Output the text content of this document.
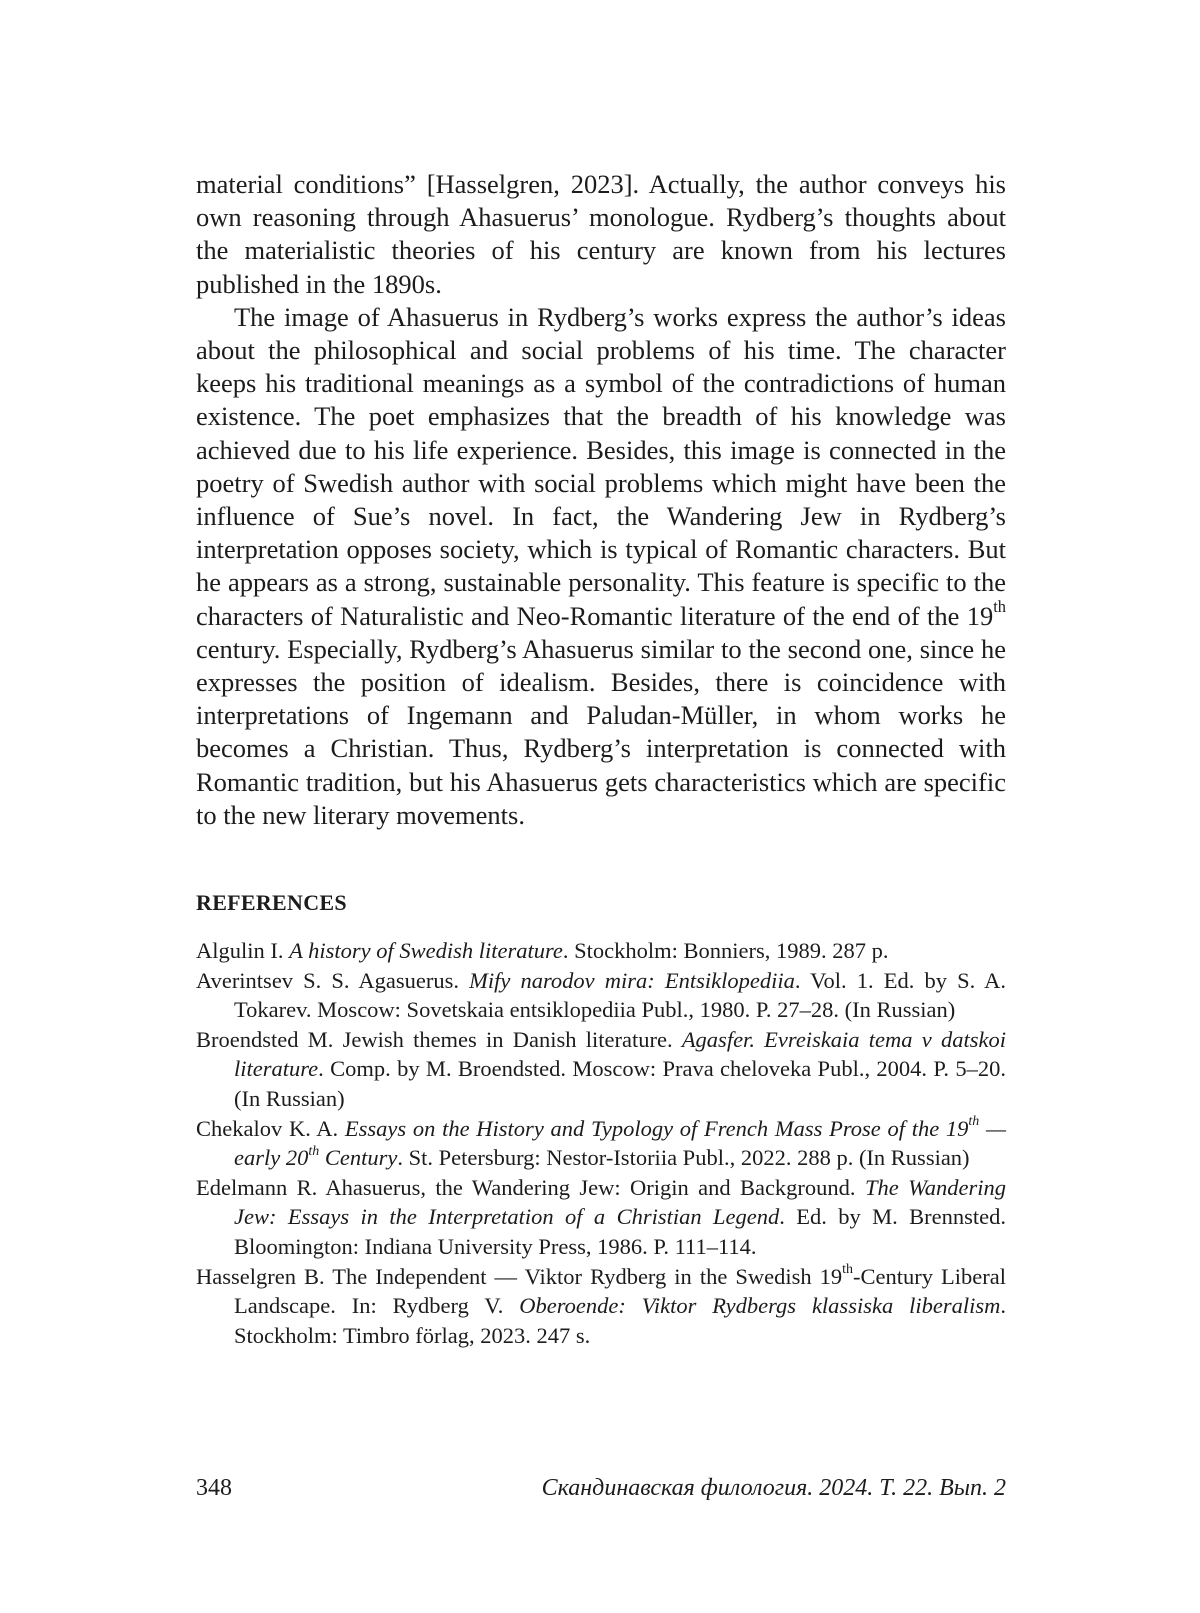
material conditions” [Hasselgren, 2023]. Actually, the author conveys his own reasoning through Ahasuerus’ monologue. Rydberg’s thoughts about the materialistic theories of his century are known from his lectures published in the 1890s.

The image of Ahasuerus in Rydberg’s works express the author’s ideas about the philosophical and social problems of his time. The character keeps his traditional meanings as a symbol of the contradictions of human existence. The poet emphasizes that the breadth of his knowledge was achieved due to his life experience. Besides, this image is connected in the poetry of Swedish author with social problems which might have been the influence of Sue’s novel. In fact, the Wandering Jew in Rydberg’s interpretation opposes society, which is typical of Romantic characters. But he appears as a strong, sustainable personality. This feature is specific to the characters of Naturalistic and Neo-Romantic literature of the end of the 19th century. Especially, Rydberg’s Ahasuerus similar to the second one, since he expresses the position of idealism. Besides, there is coincidence with interpretations of Ingemann and Paludan-Müller, in whom works he becomes a Christian. Thus, Rydberg’s interpretation is connected with Romantic tradition, but his Ahasuerus gets characteristics which are specific to the new literary movements.

REFERENCES

Algulin I. A history of Swedish literature. Stockholm: Bonniers, 1989. 287 p.

Averintsev S. S. Agasuerus. Mify narodov mira: Entsiklopediia. Vol. 1. Ed. by S. A. Tokarev. Moscow: Sovetskaia entsiklopediia Publ., 1980. P. 27–28. (In Russian)

Broendsted M. Jewish themes in Danish literature. Agasfer. Evreiskaia tema v datskoi literature. Comp. by M. Broendsted. Moscow: Prava cheloveka Publ., 2004. P. 5–20. (In Russian)

Chekalov K. A. Essays on the History and Typology of French Mass Prose of the 19th — early 20th Century. St. Petersburg: Nestor-Istoriia Publ., 2022. 288 p. (In Russian)

Edelmann R. Ahasuerus, the Wandering Jew: Origin and Background. The Wandering Jew: Essays in the Interpretation of a Christian Legend. Ed. by M. Brennsted. Bloomington: Indiana University Press, 1986. P. 111–114.

Hasselgren B. The Independent — Viktor Rydberg in the Swedish 19th-Century Liberal Landscape. In: Rydberg V. Oberoende: Viktor Rydbergs klassiska liberalism. Stockholm: Timbro förlag, 2023. 247 s.

348	Скандинавская филология. 2024. Т. 22. Вып. 2
